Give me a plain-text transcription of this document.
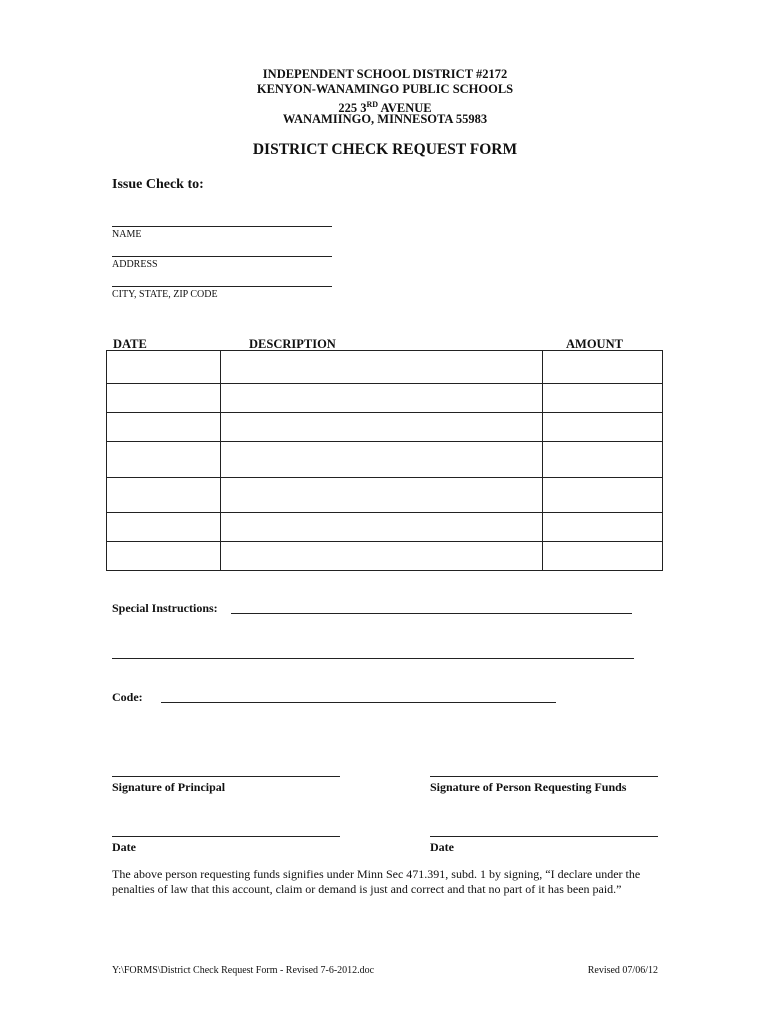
INDEPENDENT SCHOOL DISTRICT #2172
KENYON-WANAMINGO PUBLIC SCHOOLS
225 3RD AVENUE
WANAMIINGO, MINNESOTA 55983
DISTRICT CHECK REQUEST FORM
Issue Check to:
NAME
ADDRESS
CITY, STATE, ZIP CODE
DATE	DESCRIPTION	AMOUNT

Special Instructions:
Code:
Signature of Principal	Signature of Person Requesting Funds
Date	Date
The above person requesting funds signifies under Minn Sec 471.391, subd. 1 by signing, “I declare under the penalties of law that this account, claim or demand is just and correct and that no part of it has been paid.”
Y:\FORMS\District Check Request Form - Revised 7-6-2012.doc	Revised 07/06/12
